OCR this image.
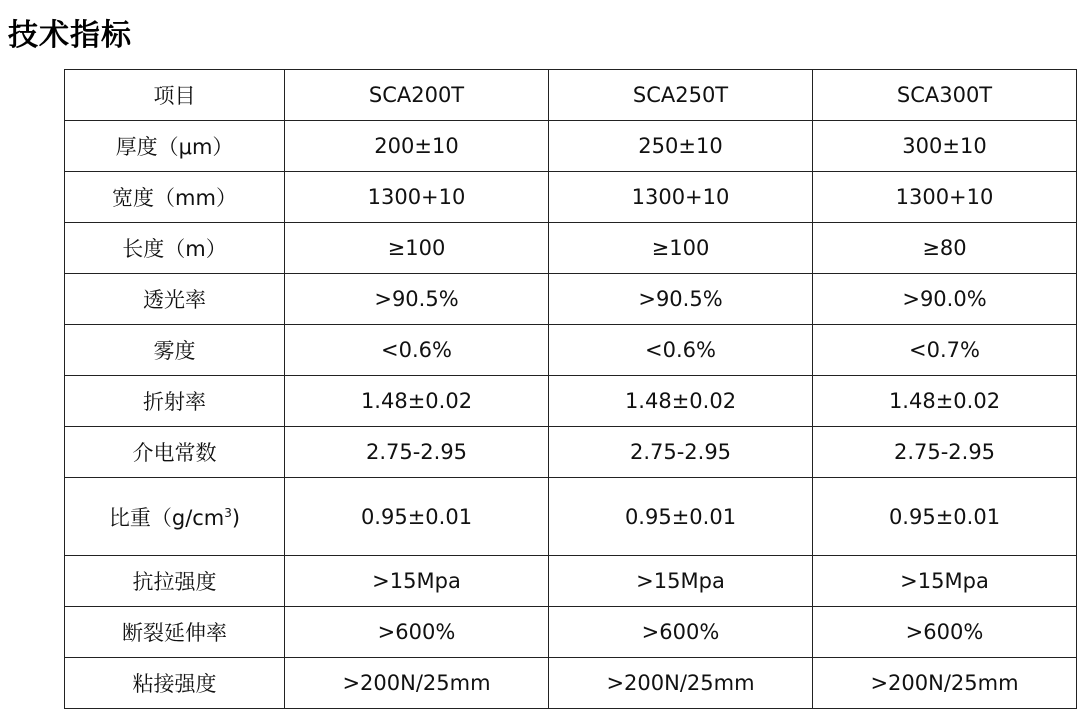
技术指标
项目	SCA200T	SCA250T	SCA300T
厚度（μm）	200±10	250±10	300±10
宽度（mm）	1300+10	1300+10	1300+10
长度（m）	≥100	≥100	≥80
透光率	>90.5%	>90.5%	>90.0%
雾度	<0.6%	<0.6%	<0.7%
折射率	1.48±0.02	1.48±0.02	1.48±0.02
介电常数	2.75-2.95	2.75-2.95	2.75-2.95
比重$(g/cm^3)$	0.95±0.01	0.95±0.01	0.95±0.01
抗拉强度	>15Mpa	>15Mpa	>15Mpa
断裂延伸率	>600%	>600%	>600%
粘接强度	>200N/25mm	>200N/25mm	>200N/25mm
